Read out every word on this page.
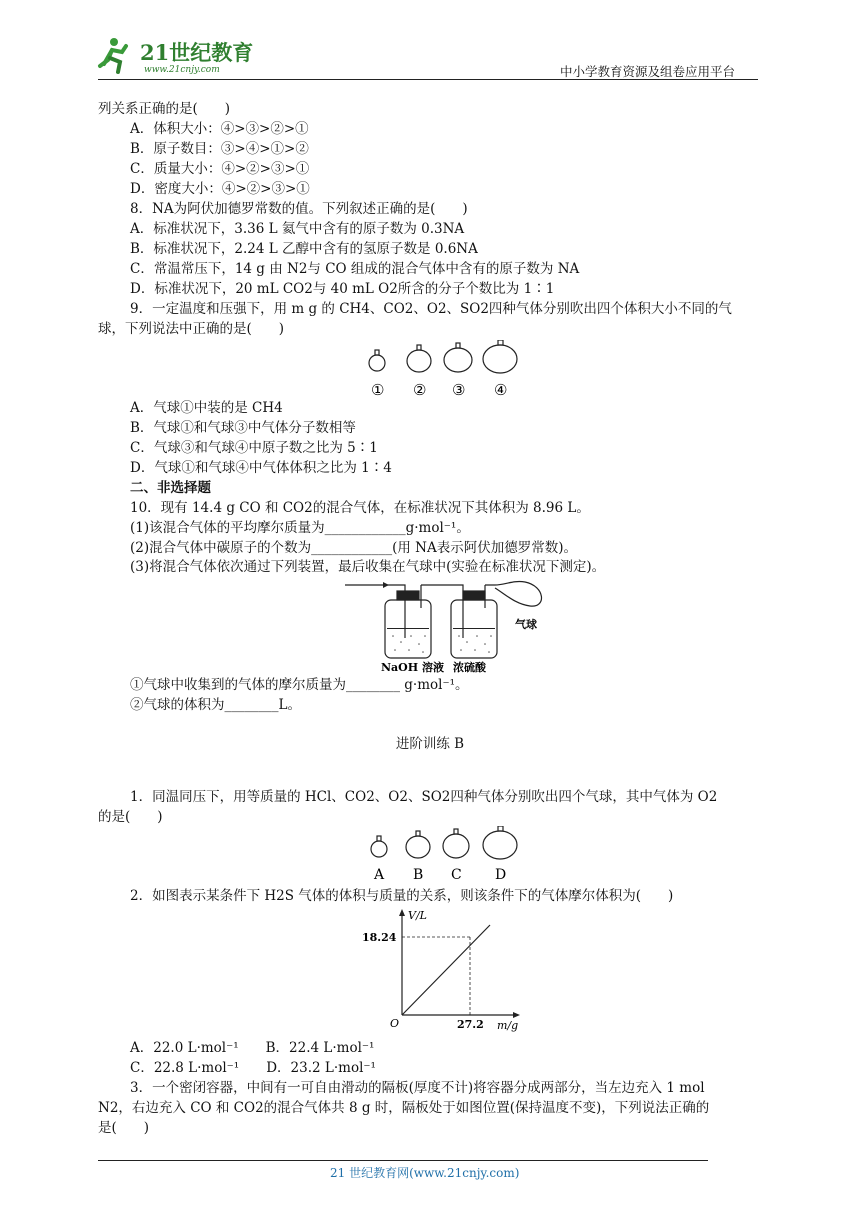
21世纪教育
www.21cnjy.com	中小学教育资源及组卷应用平台
列关系正确的是(　　)
A．体积大小：④>③>②>①
B．原子数目：③>④>①>②
C．质量大小：④>②>③>①
D．密度大小：④>②>③>①
8．NA为阿伏加德罗常数的值。下列叙述正确的是(　　)
A．标准状况下，3.36 L 氦气中含有的原子数为 0.3NA
B．标准状况下，2.24 L 乙醇中含有的氢原子数是 0.6NA
C．常温常压下，14 g 由 N2与 CO 组成的混合气体中含有的原子数为 NA
D．标准状况下，20 mL CO2与 40 mL O2所含的分子个数比为 1∶1
9．一定温度和压强下，用 m g 的 CH4、CO2、O2、SO2四种气体分别吹出四个体积大小不同的气
球，下列说法中正确的是(　　)
① ② ③ ④
A．气球①中装的是 CH4
B．气球①和气球③中气体分子数相等
C．气球③和气球④中原子数之比为 5∶1
D．气球①和气球④中气体体积之比为 1∶4
二、非选择题
10．现有 14.4 g CO 和 CO2的混合气体，在标准状况下其体积为 8.96 L。
(1)该混合气体的平均摩尔质量为____________g·mol⁻¹。
(2)混合气体中碳原子的个数为____________(用 NA表示阿伏加德罗常数)。
(3)将混合气体依次通过下列装置，最后收集在气球中(实验在标准状况下测定)。
NaOH 溶液 浓硫酸
气球
①气球中收集到的气体的摩尔质量为________ g·mol⁻¹。
②气球的体积为________L。
进阶训练 B
1．同温同压下，用等质量的 HCl、CO2、O2、SO2四种气体分别吹出四个气球，其中气体为 O2
的是(　　)
A B C D
2．如图表示某条件下 H2S 气体的体积与质量的关系，则该条件下的气体摩尔体积为(　　)
V/L
m/g
O
18.24
27.2
A．22.0 L·mol⁻¹　　B．22.4 L·mol⁻¹
C．22.8 L·mol⁻¹　　D．23.2 L·mol⁻¹
3．一个密闭容器，中间有一可自由滑动的隔板(厚度不计)将容器分成两部分，当左边充入 1 mol
N2，右边充入 CO 和 CO2的混合气体共 8 g 时，隔板处于如图位置(保持温度不变)，下列说法正确的
是(　　)
21 世纪教育网(www.21cnjy.com)
